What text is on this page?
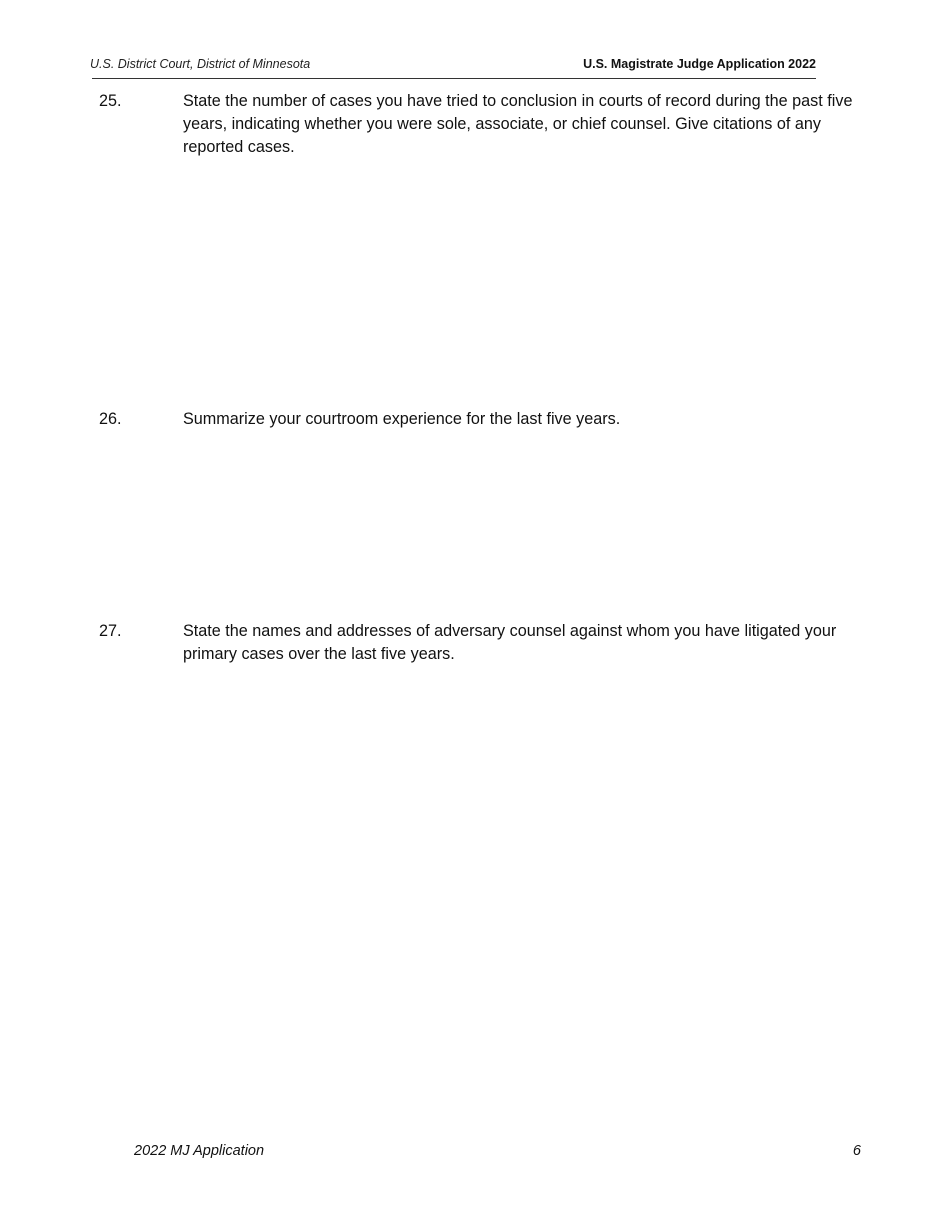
U.S. District Court, District of Minnesota	U.S. Magistrate Judge Application 2022
25.	State the number of cases you have tried to conclusion in courts of record during the past five years, indicating whether you were sole, associate, or chief counsel. Give citations of any reported cases.
26.	Summarize your courtroom experience for the last five years.
27.	State the names and addresses of adversary counsel against whom you have litigated your primary cases over the last five years.
2022 MJ Application	6
